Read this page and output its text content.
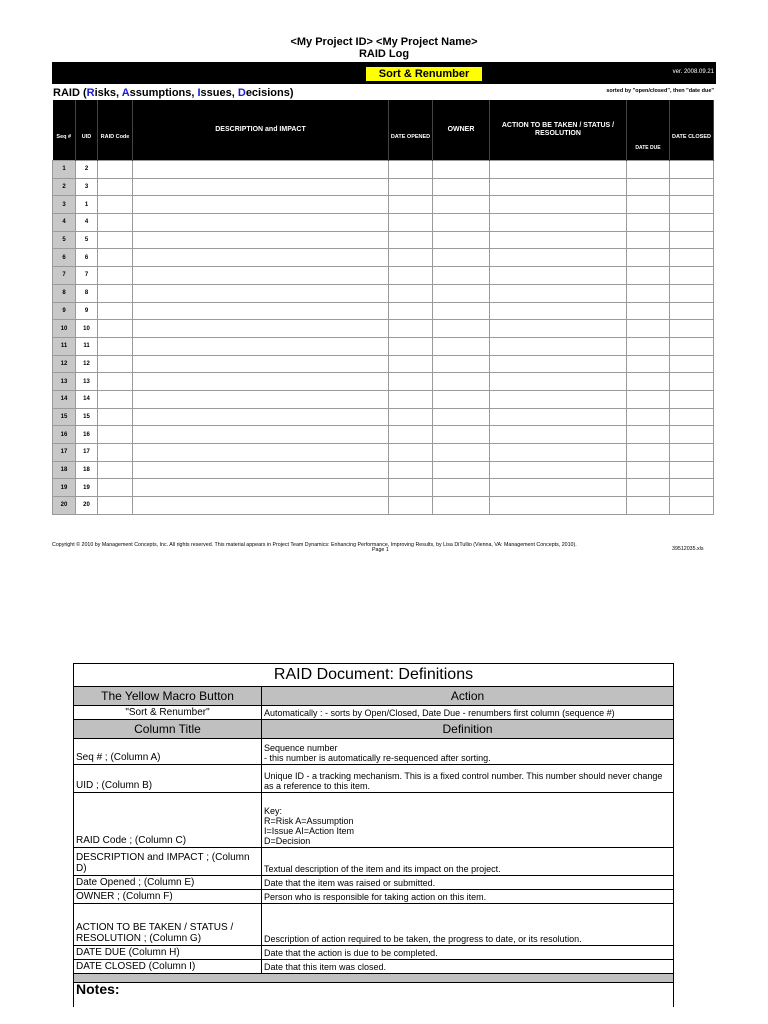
<My Project ID> <My Project Name>
RAID Log
Sort & Renumber	ver. 2008.09.21
RAID (Risks, Assumptions, Issues, Decisions)	sorted by "open/closed", then "date due"
Seq #	UID	RAID Code	DESCRIPTION and IMPACT	DATE OPENED	OWNER	ACTION TO BE TAKEN / STATUS / RESOLUTION	DATE DUE	DATE CLOSED
1	2							
2	3							
3	1							
4	4							
5	5							
6	6							
7	7							
8	8							
9	9							
10	10							
11	11							
12	12							
13	13							
14	14							
15	15							
16	16							
17	17							
18	18							
19	19							
20	20							
Copyright © 2010 by Management Concepts, Inc. All rights reserved. This material appears in Project Team Dynamics: Enhancing Performance, Improving Results, by Lisa DiTullio (Vienna, VA: Management Concepts, 2010).
Page 1	39512035.xls
RAID Document: Definitions	
The Yellow Macro Button	Action
"Sort & Renumber"	Automatically : - sorts by Open/Closed, Date Due - renumbers first column (sequence #)
Column Title	Definition
Seq # ; (Column A)	Sequence number
- this number is automatically re-sequenced after sorting.
UID ; (Column B)	Unique ID - a tracking mechanism. This is a fixed control number. This number should never change as a reference to this item.
RAID Code ; (Column C)	Key:
R=Risk A=Assumption
I=Issue AI=Action Item
D=Decision
DESCRIPTION and IMPACT ; (Column D)	Textual description of the item and its impact on the project.
Date Opened ; (Column E)	Date that the item was raised or submitted.
OWNER ; (Column F)	Person who is responsible for taking action on this item.
ACTION TO BE TAKEN / STATUS / RESOLUTION ; (Column G)	Description of action required to be taken, the progress to date, or its resolution.
DATE DUE (Column H)	Date that the action is due to be completed.
DATE CLOSED (Column I)	Date that this item was closed.

Notes:	
